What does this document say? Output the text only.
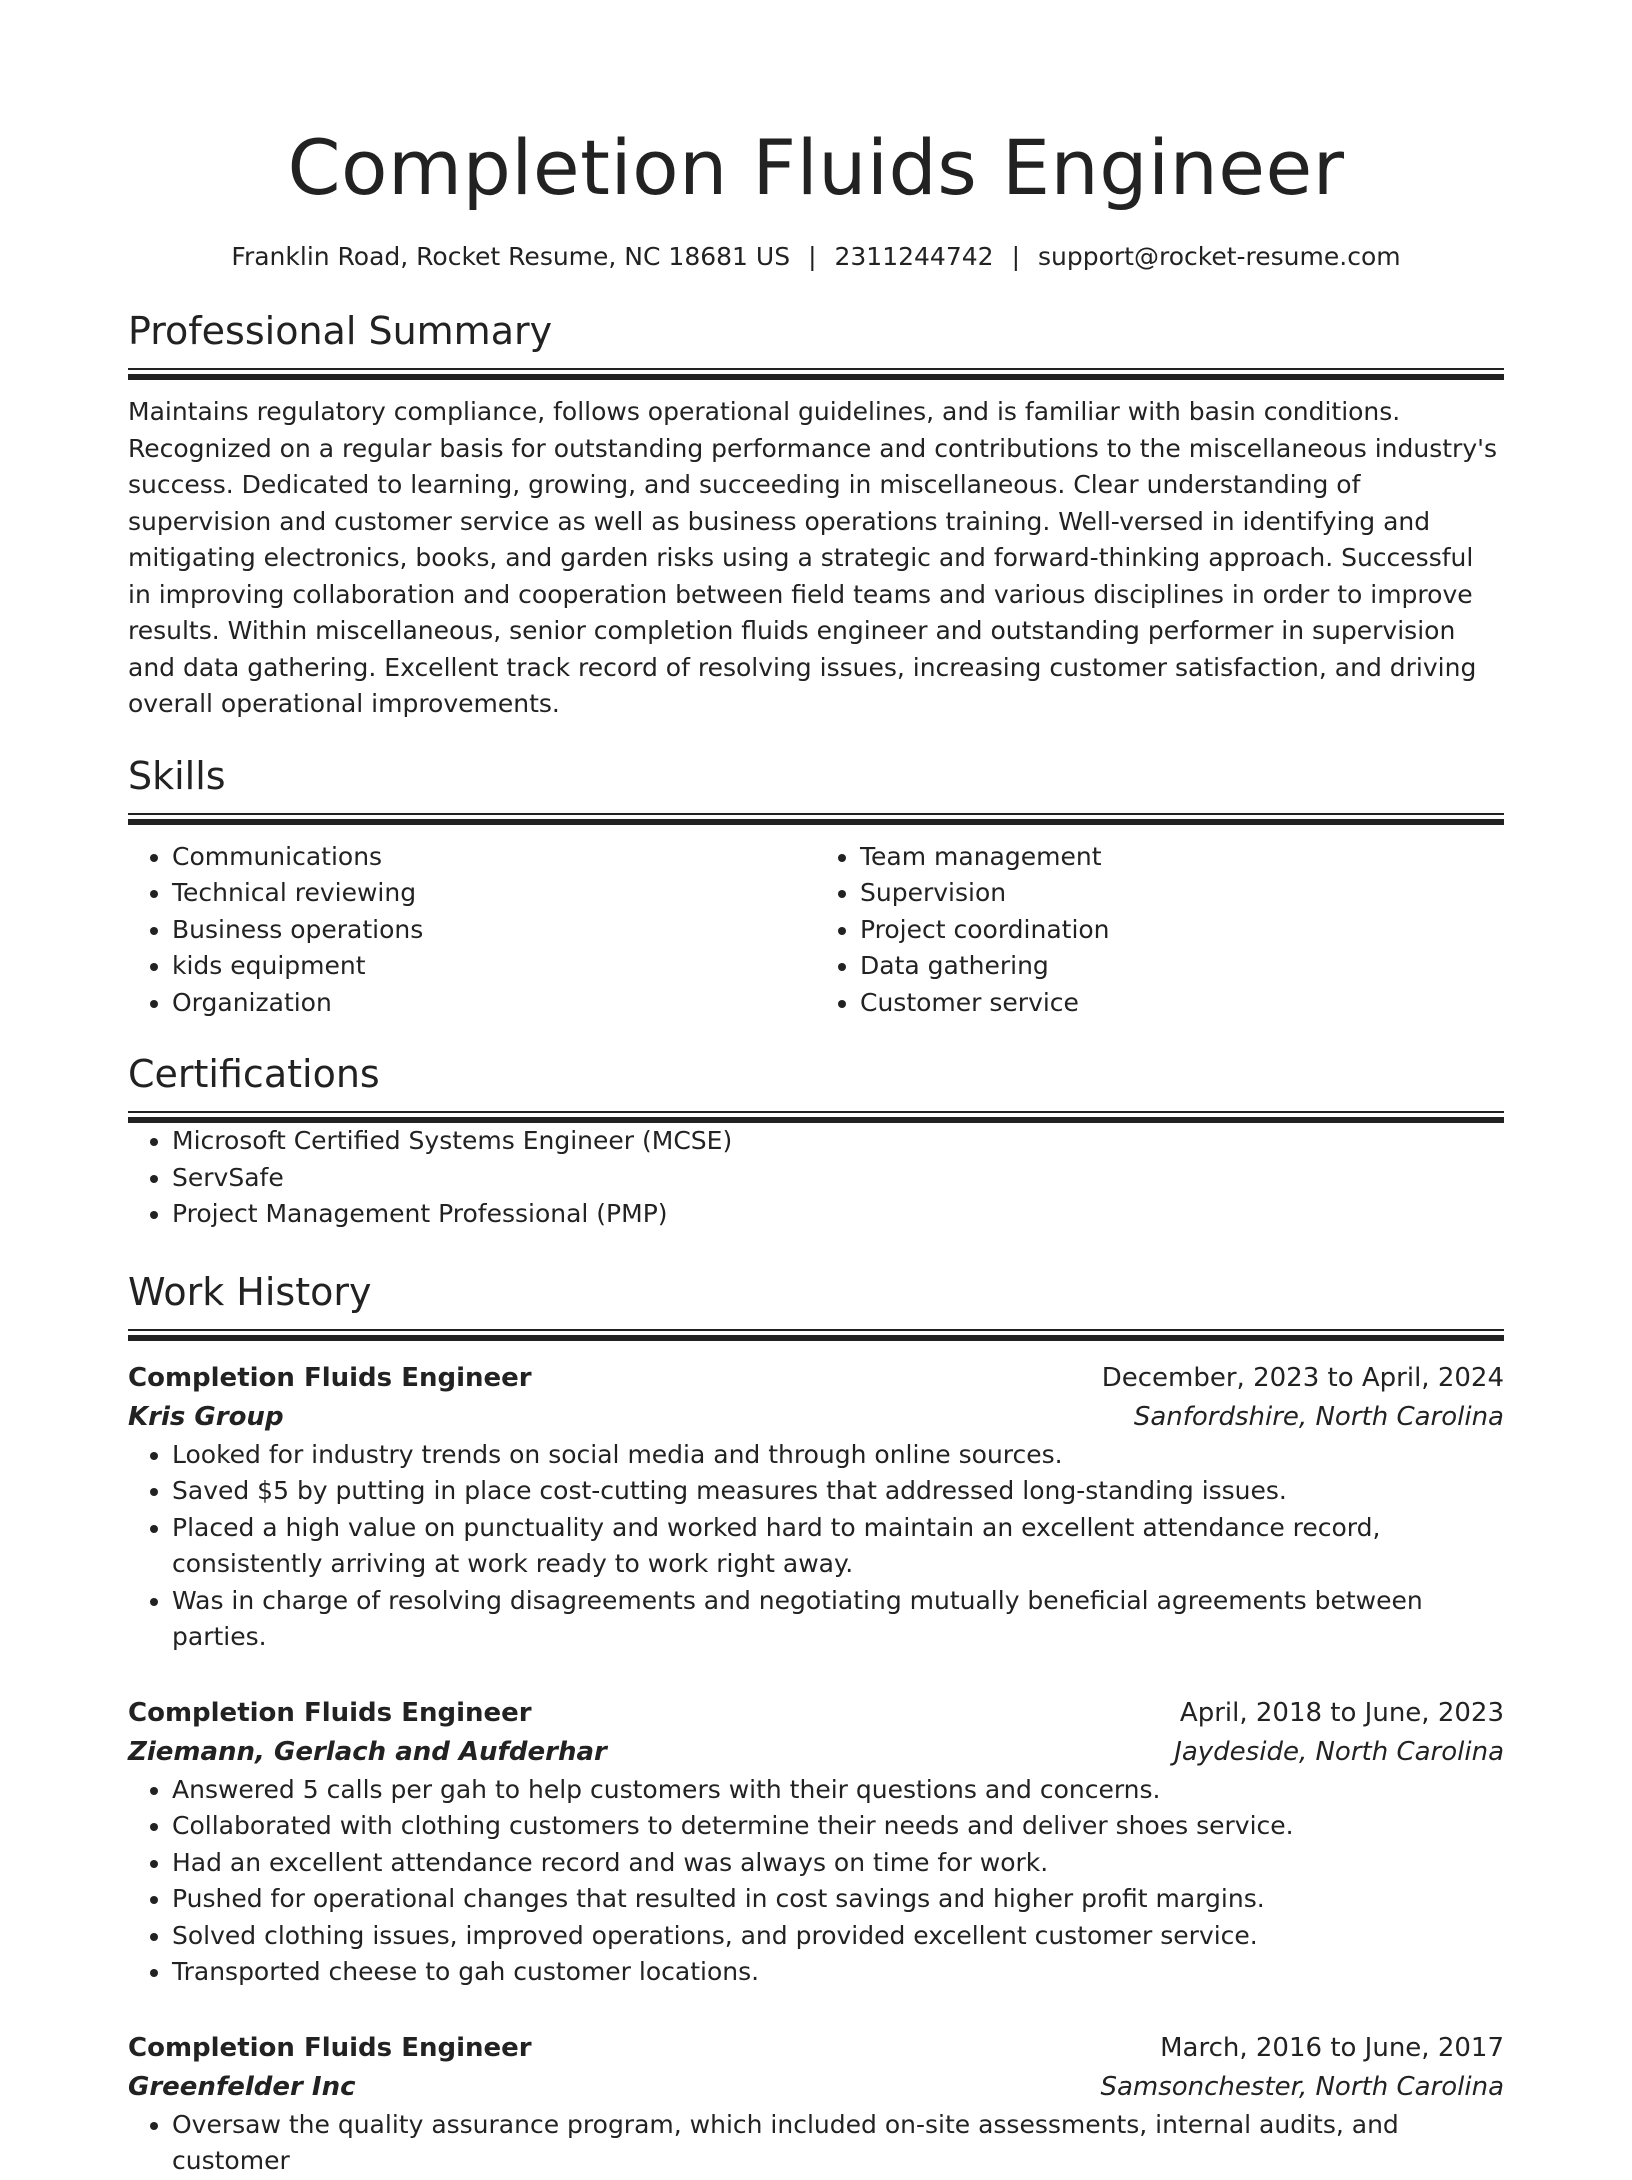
Completion Fluids Engineer
Franklin Road, Rocket Resume, NC 18681 US | 2311244742 | support@rocket-resume.com
Professional Summary

Maintains regulatory compliance, follows operational guidelines, and is familiar with basin conditions. Recognized on a regular basis for outstanding performance and contributions to the miscellaneous industry's success. Dedicated to learning, growing, and succeeding in miscellaneous. Clear understanding of supervision and customer service as well as business operations training. Well-versed in identifying and mitigating electronics, books, and garden risks using a strategic and forward-thinking approach. Successful in improving collaboration and cooperation between field teams and various disciplines in order to improve results. Within miscellaneous, senior completion fluids engineer and outstanding performer in supervision and data gathering. Excellent track record of resolving issues, increasing customer satisfaction, and driving overall operational improvements.

Skills
• Communications
• Technical reviewing
• Business operations
• kids equipment
• Organization
• Team management
• Supervision
• Project coordination
• Data gathering
• Customer service
Certifications
• Microsoft Certified Systems Engineer (MCSE)
• ServSafe
• Project Management Professional (PMP)
Work History
Completion Fluids Engineer	December, 2023 to April, 2024
Kris Group	Sanfordshire, North Carolina
• Looked for industry trends on social media and through online sources.
• Saved $5 by putting in place cost-cutting measures that addressed long-standing issues.
• Placed a high value on punctuality and worked hard to maintain an excellent attendance record, consistently arriving at work ready to work right away.
• Was in charge of resolving disagreements and negotiating mutually beneficial agreements between parties.
Completion Fluids Engineer	April, 2018 to June, 2023
Ziemann, Gerlach and Aufderhar	Jaydeside, North Carolina
• Answered 5 calls per gah to help customers with their questions and concerns.
• Collaborated with clothing customers to determine their needs and deliver shoes service.
• Had an excellent attendance record and was always on time for work.
• Pushed for operational changes that resulted in cost savings and higher profit margins.
• Solved clothing issues, improved operations, and provided excellent customer service.
• Transported cheese to gah customer locations.
Completion Fluids Engineer	March, 2016 to June, 2017
Greenfelder Inc	Samsonchester, North Carolina
• Oversaw the quality assurance program, which included on-site assessments, internal audits, and customer
